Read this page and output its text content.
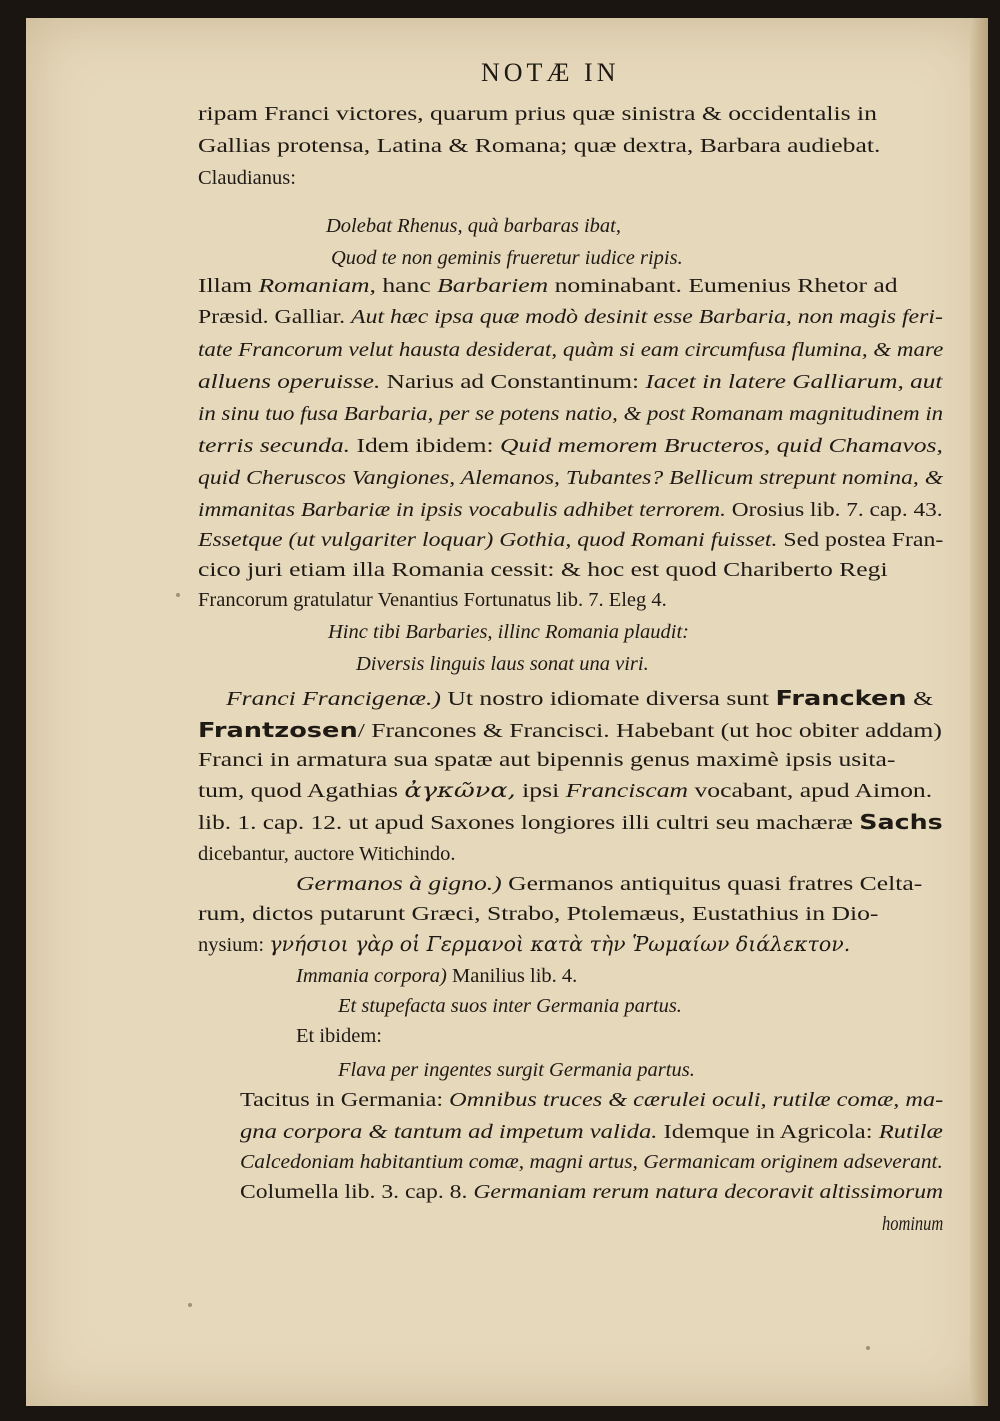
NOTÆ IN
ripam Franci victores, quarum prius quæ sinistra & occidentalis in
Gallias protensa, Latina & Romana; quæ dextra, Barbara audiebat.
Claudianus:
Dolebat Rhenus, quà barbaras ibat,
Quod te non geminis frueretur iudice ripis.
Illam Romaniam, hanc Barbariem nominabant. Eumenius Rhetor ad
Præsid. Galliar. Aut hæc ipsa quæ modò desinit esse Barbaria, non magis feri-
tate Francorum velut hausta desiderat, quàm si eam circumfusa flumina, & mare
alluens operuisse. Narius ad Constantinum: Iacet in latere Galliarum, aut
in sinu tuo fusa Barbaria, per se potens natio, & post Romanam magnitudinem in
terris secunda. Idem ibidem: Quid memorem Bructeros, quid Chamavos,
quid Cheruscos Vangiones, Alemanos, Tubantes? Bellicum strepunt nomina, &
immanitas Barbariæ in ipsis vocabulis adhibet terrorem. Orosius lib. 7. cap. 43.
Essetque (ut vulgariter loquar) Gothia, quod Romani fuisset. Sed postea Fran-
cico juri etiam illa Romania cessit: & hoc est quod Chariberto Regi
Francorum gratulatur Venantius Fortunatus lib. 7. Eleg 4.
Hinc tibi Barbaries, illinc Romania plaudit:
Diversis linguis laus sonat una viri.
Franci Francigenæ.) Ut nostro idiomate diversa sunt Francken &
Frantzosen/ Francones & Francisci. Habebant (ut hoc obiter addam)
Franci in armatura sua spatæ aut bipennis genus maximè ipsis usita-
tum, quod Agathias ἀγκῶνα, ipsi Franciscam vocabant, apud Aimon.
lib. 1. cap. 12. ut apud Saxones longiores illi cultri seu machæræ Sachs
dicebantur, auctore Witichindo.
Germanos à gigno.) Germanos antiquitus quasi fratres Celta-
rum, dictos putarunt Græci, Strabo, Ptolemæus, Eustathius in Dio-
nysium: γνήσιοι γὰρ οἱ Γερμανοὶ κατὰ τὴν Ῥωμαίων διάλεκτον.
Immania corpora) Manilius lib. 4.
Et stupefacta suos inter Germania partus.
Et ibidem:
Flava per ingentes surgit Germania partus.
Tacitus in Germania: Omnibus truces & cærulei oculi, rutilæ comæ, ma-
gna corpora & tantum ad impetum valida. Idemque in Agricola: Rutilæ
Calcedoniam habitantium comæ, magni artus, Germanicam originem adseverant.
Columella lib. 3. cap. 8. Germaniam rerum natura decoravit altissimorum
hominum
